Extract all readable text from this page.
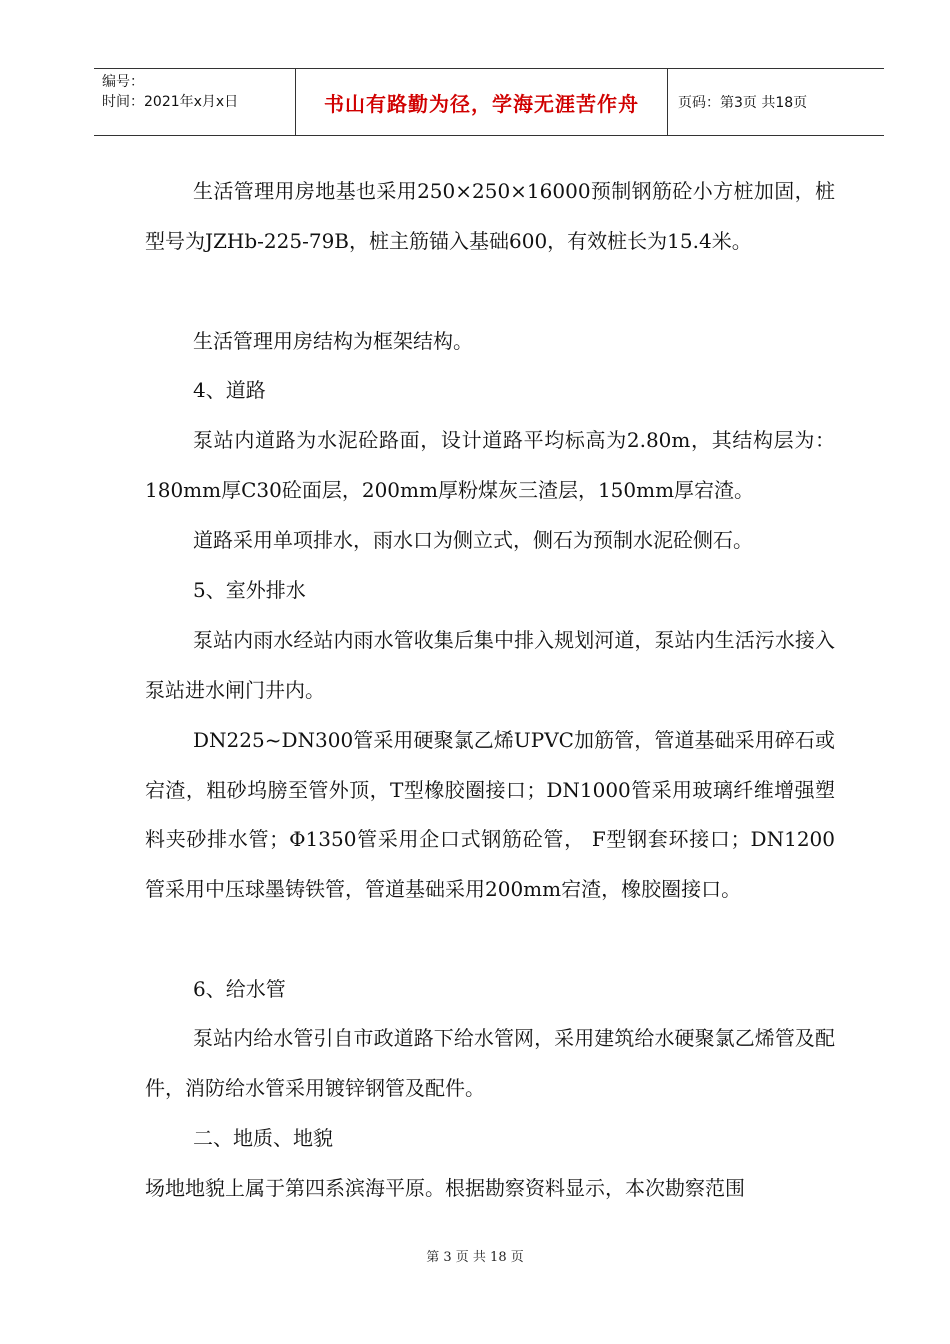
编号：
时间：2021年x月x日	书山有路勤为径，学海无涯苦作舟	页码：第3页 共18页
生活管理用房地基也采用250×250×16000预制钢筋砼小方桩加固，桩型号为JZHb-225-79B，桩主筋锚入基础600，有效桩长为15.4米。
生活管理用房结构为框架结构。
4、道路
泵站内道路为水泥砼路面，设计道路平均标高为2.80m，其结构层为：180mm厚C30砼面层，200mm厚粉煤灰三渣层，150mm厚宕渣。
道路采用单项排水，雨水口为侧立式，侧石为预制水泥砼侧石。
5、室外排水
泵站内雨水经站内雨水管收集后集中排入规划河道，泵站内生活污水接入泵站进水闸门井内。
DN225~DN300管采用硬聚氯乙烯UPVC加筋管，管道基础采用碎石或宕渣，粗砂坞膀至管外顶，T型橡胶圈接口；DN1000管采用玻璃纤维增强塑料夹砂排水管；Φ1350管采用企口式钢筋砼管， F型钢套环接口；DN1200管采用中压球墨铸铁管，管道基础采用200mm宕渣，橡胶圈接口。
6、给水管
泵站内给水管引自市政道路下给水管网，采用建筑给水硬聚氯乙烯管及配件，消防给水管采用镀锌钢管及配件。
二、地质、地貌
场地地貌上属于第四系滨海平原。根据勘察资料显示，本次勘察范围
第 3 页 共 18 页
